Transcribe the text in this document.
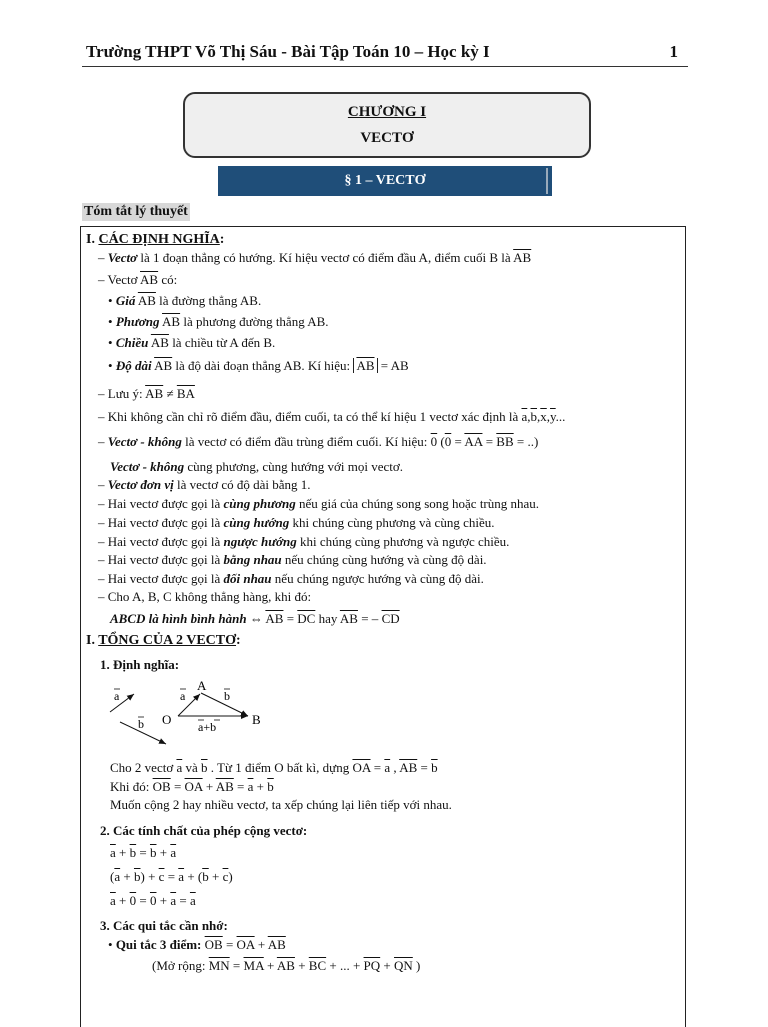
Trường THPT Võ Thị Sáu - Bài Tập Toán 10 – Học kỳ I	1
CHƯƠNG I
VECTƠ
§ 1 – VECTƠ
Tóm tắt lý thuyết
I. CÁC ĐỊNH NGHĨA:
– Vectơ là 1 đoạn thẳng có hướng. Kí hiệu vectơ có điểm đầu A, điểm cuối B là $\overline{AB}$
– Vectơ $\overline{AB}$ có:
• Giá $\overline{AB}$ là đường thẳng AB.
• Phương $\overline{AB}$ là phương đường thẳng AB.
• Chiều $\overline{AB}$ là chiều từ A đến B.
• Độ dài $\overline{AB}$ là độ dài đoạn thẳng AB. Kí hiệu: $\overline{AB}$ = AB
– Lưu ý: $\overline{AB} \ne \overline{BA}$
– Khi không cần chỉ rõ điểm đầu, điểm cuối, ta có thể kí hiệu 1 vectơ xác định là $\overline{a},\overline{b},\overline{x},\overline{y}$...
– Vectơ - không là vectơ có điểm đầu trùng điểm cuối. Kí hiệu: 0 ($0 = \overline{AA} = \overline{BB}$ = ..)
Vectơ - không cùng phương, cùng hướng với mọi vectơ.
– Vectơ đơn vị là vectơ có độ dài bằng 1.
– Hai vectơ được gọi là cùng phương nếu giá của chúng song song hoặc trùng nhau.
– Hai vectơ được gọi là cùng hướng khi chúng cùng phương và cùng chiều.
– Hai vectơ được gọi là ngược hướng khi chúng cùng phương và ngược chiều.
– Hai vectơ được gọi là bằng nhau nếu chúng cùng hướng và cùng độ dài.
– Hai vectơ được gọi là đối nhau nếu chúng ngược hướng và cùng độ dài.
– Cho A, B, C không thẳng hàng, khi đó:
ABCD là hình bình hành ⇔ $\overline{AB} = \overline{DC}$ hay $\overline{AB}$ = – $\overline{CD}$
I. TỔNG CỦA 2 VECTƠ:
1. Định nghĩa:
a
b O
A
B
a	b
a+b
Cho 2 vectơ $\overline{a}$ và $\overline{b}$ . Từ 1 điểm O bất kì, dựng $\overline{OA} = \overline{a}$ , $\overline{AB} = \overline{b}$
Khi đó: $\overline{OB} = \overline{OA} + \overline{AB} = \overline{a} + \overline{b}$
Muốn cộng 2 hay nhiều vectơ, ta xếp chúng lại liên tiếp với nhau.
2. Các tính chất của phép cộng vectơ:
$\overline{a} + \overline{b} = \overline{b} + \overline{a}$
$(\overline{a} + \overline{b}) + \overline{c} = \overline{a} + (\overline{b} + \overline{c})$
$\overline{a} + 0 = 0 + \overline{a} = \overline{a}$
3. Các qui tắc cần nhớ:
• Qui tắc 3 điểm: $\overline{OB} = \overline{OA} + \overline{AB}$
(Mở rộng: $\overline{MN} = \overline{MA} + \overline{AB} + \overline{BC}$ + ... + $\overline{PQ} + \overline{QN}$ )
